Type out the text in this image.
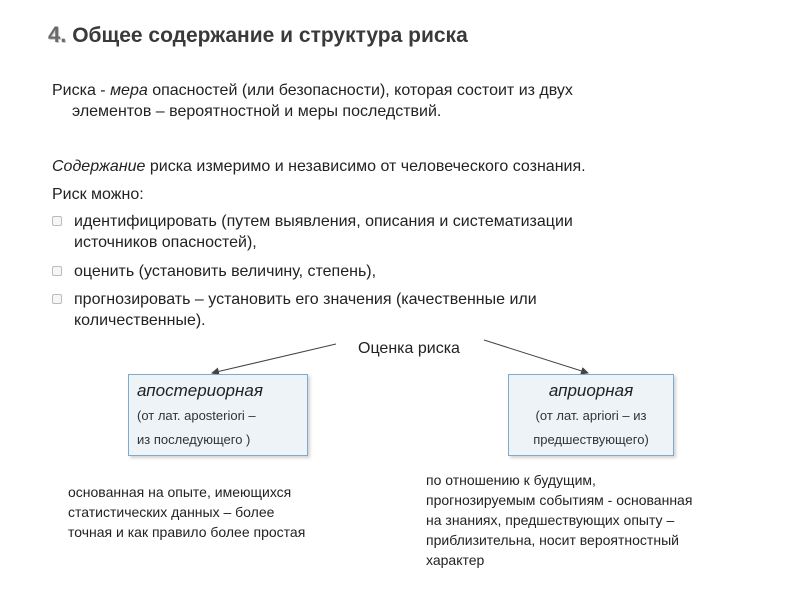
4. Общее содержание и структура риска
Риска - мера опасностей (или безопасности), которая состоит из двух
элементов – вероятностной и меры последствий.
Содержание риска измеримо и независимо от человеческого сознания.
Риск можно:
идентифицировать (путем выявления, описания и систематизации
источников опасностей),
оценить (установить величину, степень),
прогнозировать – установить его значения (качественные или
количественные).
Оценка риска
апостериорная
(от лат. aposteriori –
из последующего )
априорная
(от лат. apriori – из
предшествующего)
основанная на опыте, имеющихся
статистических данных – более
точная и как правило более простая
по отношению к будущим,
прогнозируемым событиям - основанная
на знаниях, предшествующих опыту –
приблизительна, носит вероятностный
характер
